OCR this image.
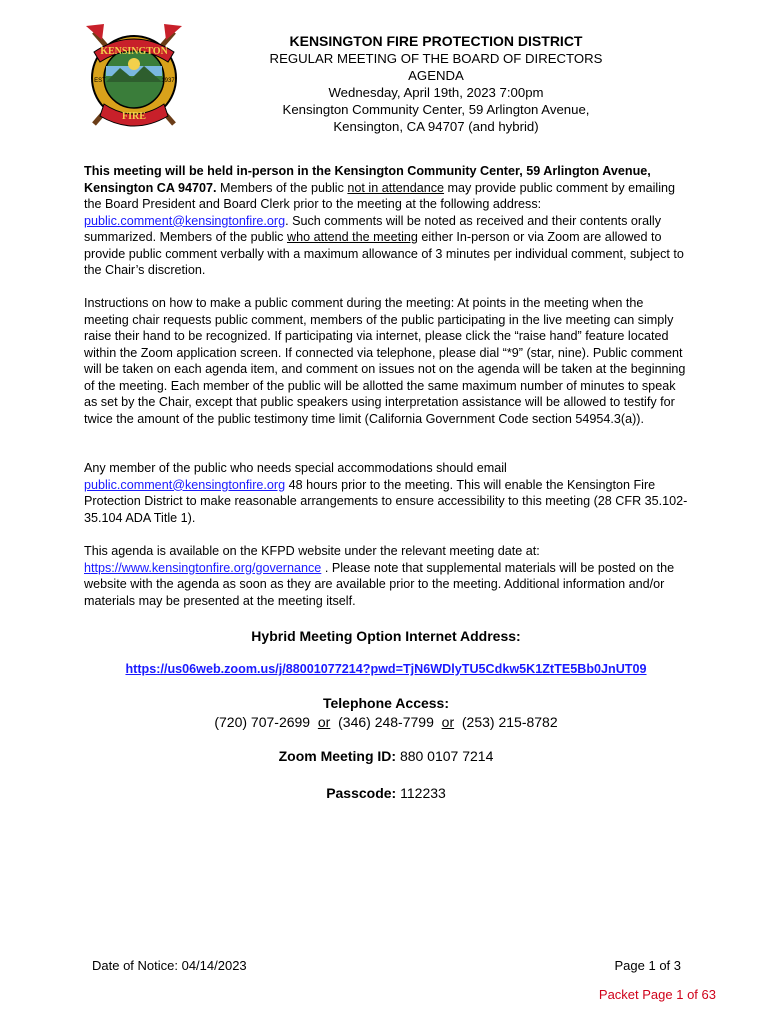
KENSINGTON
FIRE
EST	1937
KENSINGTON FIRE PROTECTION DISTRICT
REGULAR MEETING OF THE BOARD OF DIRECTORS
AGENDA
Wednesday, April 19th, 2023 7:00pm
Kensington Community Center, 59 Arlington Avenue,
Kensington, CA 94707 (and hybrid)
This meeting will be held in-person in the Kensington Community Center, 59 Arlington Avenue, Kensington CA 94707. Members of the public not in attendance may provide public comment by emailing the Board President and Board Clerk prior to the meeting at the following address: public.comment@kensingtonfire.org. Such comments will be noted as received and their contents orally summarized. Members of the public who attend the meeting either In-person or via Zoom are allowed to provide public comment verbally with a maximum allowance of 3 minutes per individual comment, subject to the Chair’s discretion.
Instructions on how to make a public comment during the meeting: At points in the meeting when the meeting chair requests public comment, members of the public participating in the live meeting can simply raise their hand to be recognized. If participating via internet, please click the “raise hand” feature located within the Zoom application screen. If connected via telephone, please dial “*9” (star, nine). Public comment will be taken on each agenda item, and comment on issues not on the agenda will be taken at the beginning of the meeting. Each member of the public will be allotted the same maximum number of minutes to speak as set by the Chair, except that public speakers using interpretation assistance will be allowed to testify for twice the amount of the public testimony time limit (California Government Code section 54954.3(a)).
Any member of the public who needs special accommodations should email public.comment@kensingtonfire.org 48 hours prior to the meeting. This will enable the Kensington Fire Protection District to make reasonable arrangements to ensure accessibility to this meeting (28 CFR 35.102-35.104 ADA Title 1).
This agenda is available on the KFPD website under the relevant meeting date at: https://www.kensingtonfire.org/governance . Please note that supplemental materials will be posted on the website with the agenda as soon as they are available prior to the meeting. Additional information and/or materials may be presented at the meeting itself.
Hybrid Meeting Option Internet Address:
https://us06web.zoom.us/j/88001077214?pwd=TjN6WDlyTU5Cdkw5K1ZtTE5Bb0JnUT09
Telephone Access:
(720) 707-2699 or (346) 248-7799 or (253) 215-8782
Zoom Meeting ID: 880 0107 7214
Passcode: 112233
Date of Notice: 04/14/2023	Page 1 of 3
Packet Page 1 of 63
